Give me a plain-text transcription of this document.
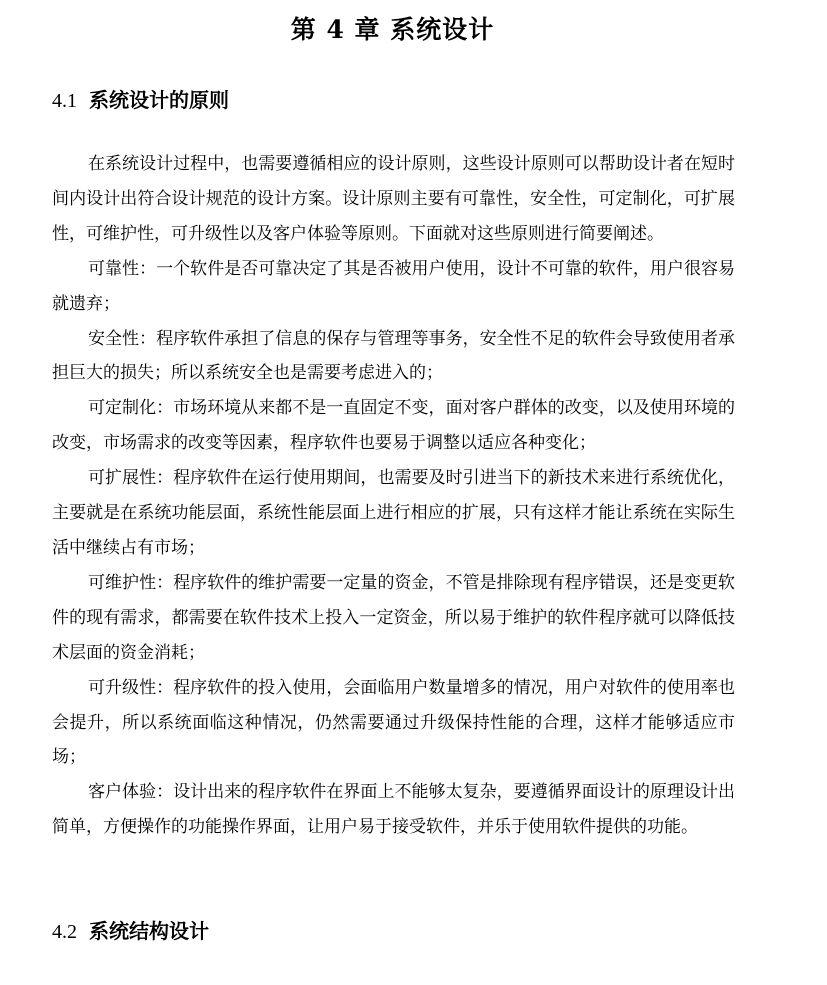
第 4 章 系统设计
4.1 系统设计的原则

在系统设计过程中，也需要遵循相应的设计原则，这些设计原则可以帮助设计者在短时间内设计出符合设计规范的设计方案。设计原则主要有可靠性，安全性，可定制化，可扩展性，可维护性，可升级性以及客户体验等原则。下面就对这些原则进行简要阐述。

可靠性：一个软件是否可靠决定了其是否被用户使用，设计不可靠的软件，用户很容易就遗弃；

安全性：程序软件承担了信息的保存与管理等事务，安全性不足的软件会导致使用者承担巨大的损失；所以系统安全也是需要考虑进入的；

可定制化：市场环境从来都不是一直固定不变，面对客户群体的改变，以及使用环境的改变，市场需求的改变等因素，程序软件也要易于调整以适应各种变化；

可扩展性：程序软件在运行使用期间，也需要及时引进当下的新技术来进行系统优化，主要就是在系统功能层面，系统性能层面上进行相应的扩展，只有这样才能让系统在实际生活中继续占有市场；

可维护性：程序软件的维护需要一定量的资金，不管是排除现有程序错误，还是变更软件的现有需求，都需要在软件技术上投入一定资金，所以易于维护的软件程序就可以降低技术层面的资金消耗；

可升级性：程序软件的投入使用，会面临用户数量增多的情况，用户对软件的使用率也会提升，所以系统面临这种情况，仍然需要通过升级保持性能的合理，这样才能够适应市场；

客户体验：设计出来的程序软件在界面上不能够太复杂，要遵循界面设计的原理设计出简单，方便操作的功能操作界面，让用户易于接受软件，并乐于使用软件提供的功能。

4.2 系统结构设计
